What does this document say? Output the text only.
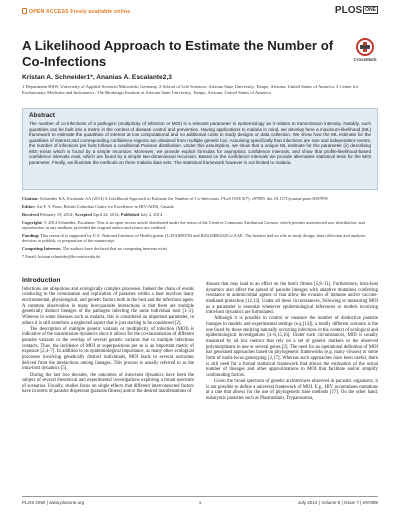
OPEN ACCESS Freely available online	PLOS $^{ONE}$
A Likelihood Approach to Estimate the Number of Co-Infections	CrossMark
Kristan A. Schneider1*, Ananias A. Escalante2,3
1 Department HSW, University of Applied Sciences Mittweida, Germany, 2 School of Life Sciences, Arizona State University, Tempe, Arizona, United States of America, 3 Center for Evolutionary Medicine and Informatics, The Biodesign Institute at Arizona State University, Tempe, Arizona, United States of America
Abstract

The number of co-infections of a pathogen (multiplicity of infection or MOI) is a relevant parameter in epidemiology as it relates to transmission intensity. Notably, such quantities can be built into a metric in the context of disease control and prevention. Having applications to malaria in mind, we develop here a maximum-likelihood (ML) framework to estimate the quantities of interest at low computational and no additional costs to study designs or data collection. We show how the ML estimate for the quantities of interest and corresponding confidence-regions are obtained from multiple genetic loci. Assuming specifically that infections are rare and independent events, the number of infections per host follows a conditional Poisson distribution. Under this assumption, we show that a unique ML estimate for the parameter (λ) describing MOI exists which is found by a simple recursion. Moreover, we provide explicit formulas for asymptotic confidence intervals, and show that profile-likelihood-based confidence intervals exist, which are found by a simple two-dimensional recursion. Based on the confidence intervals we provide alternative statistical tests for the MOI parameter. Finally, we illustrate the methods on three malaria data sets. The statistical framework however is not limited to malaria.

Citation: Schneider KA, Escalante AA (2014) A Likelihood Approach to Estimate the Number of Co-Infections. PLoS ONE 9(7): e97899. doi:10.1371/journal.pone.0097899

Editor: Art F. Y. Poon, British Columbia Centre for Excellence in HIV/AIDS, Canada

Received February 19, 2014; Accepted April 24, 2014; Published July 2, 2014

Copyright: © 2014 Schneider, Escalante. This is an open-access article distributed under the terms of the Creative Commons Attribution License, which permits unrestricted use, distribution, and reproduction in any medium, provided the original author and source are credited.

Funding: This research is supported by U.S. National Institutes of Health grants 1U19AI089702 and R01GM084320 to AAE. The funders had no role in study design, data collection and analysis, decision to publish, or preparation of the manuscript.

Competing Interests: The authors have declared that no competing interests exist.

* Email: kristan.schneider@hs-mittweida.de

Introduction

Infections are ubiquitous and ecologically complex processes. Indeed the chain of events conducing to the colonization and replication of parasites within a host involves many environmental, physiological, and genetic factors both in the host and the infectious agent. A common observation in many host-parasite interactions is that there are multiple genetically distinct lineages of the pathogen infecting the same individual host [1–3]. Whereas in some diseases such as malaria, this is considered an important parameter, in others it is still somehow a neglected aspect that is just starting to be considered [2].

The description of multiple genetic variants or multiplicity of infection (MOI) is indicative of the transmission dynamics since it allows for the co-transmission of different parasite variants or the overlap of several genetic variants due to multiple infectious contacts. Thus, the incidence of MOI or superpositions per se is an important metric of exposure [2,4–7]. In addition to its epidemiological importance, as many other ecological processes involving genetically distinct individuals, MOI leads to several outcomes derived from the interactions among lineages. This process is usually referred to as the intra-host dynamics [5].

During the last two decades, the outcomes of intra-host dynamics have been the subject of several theoretical and experimental investigations exploring a broad spectrum of scenarios. Usually, studies focus on single effects that different interconnected factors have in terms of parasite dispersion (parasite fitness) and/or the desired manifestations of

disease that may lead to an effect on the host's fitness [5,8–11]. Furthermore, intra-host dynamics also affect the spread of parasite lineages with adaptive mutations conferring resistance to antimicrobial agents or that allow the evasion of immune and/or vaccine-mediated protection [12,13]. Under all these circumstances, following or measuring MOI as a parameter is essential whenever epidemiological inferences or models involving intra-host dynamics are formulated.

Although it is possible to control or measure the number of distinctive parasite lineages in models and experimental settings (e.g.[14]), a totally different scenario is the one faced by those studying naturally occurring infections in the context of ecological and epidemiological investigations [4–6,15,16]. Under such circumstances, MOI is usually measured by ad hoc metrics that rely on a set of genetic markers or the observed polymorphisms in one or several genes [2]. The need for an operational definition of MOI has generated approaches based on phylogenetic frameworks (e.g. many viruses) or some form of multi-locus genotyping [2,17]. Whereas such approaches have been useful, there is still need for a formal statistical framework that allows the estimation of the actual number of lineages and other approximations to MOI that facilitate and/or simplify confounding factors.

Given the broad spectrum of genetic architectures observed in parasitic organisms, it is not possible to define a universal framework of MOI. E.g., HIV accumulates mutations at a rate that allows for the use of phylogenetic base methods [17]. On the other hand, eukaryotic parasites such as Plasmodium, Trypanosoma,

PLOS ONE | www.plosone.org	1	July 2014 | Volume 9 | Issue 7 | e97899
